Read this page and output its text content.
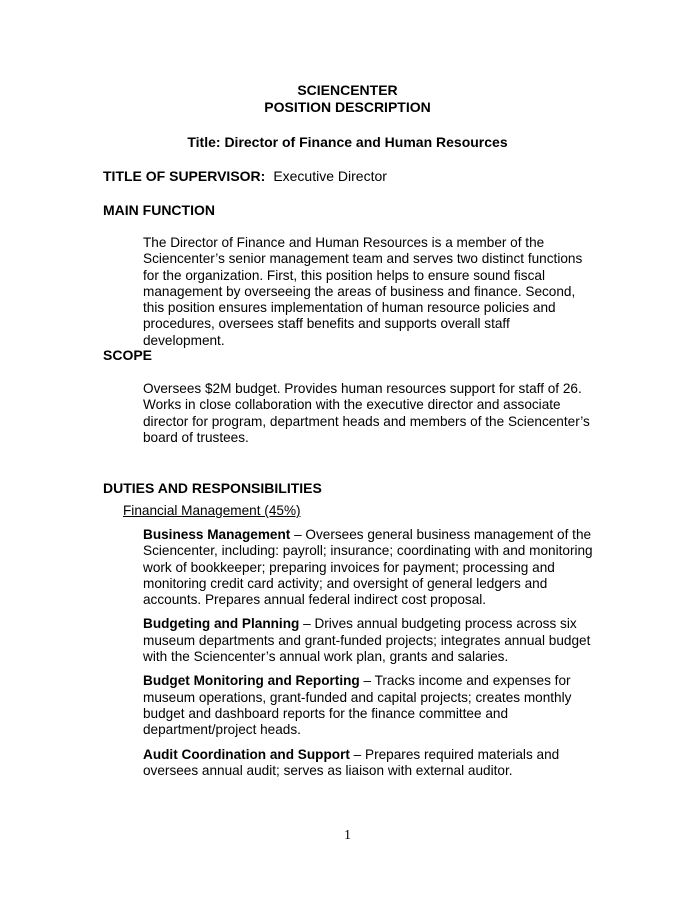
SCIENCENTER
POSITION DESCRIPTION
Title: Director of Finance and Human Resources
TITLE OF SUPERVISOR: Executive Director
MAIN FUNCTION

The Director of Finance and Human Resources is a member of the Sciencenter’s senior management team and serves two distinct functions for the organization. First, this position helps to ensure sound fiscal management by overseeing the areas of business and finance. Second, this position ensures implementation of human resource policies and procedures, oversees staff benefits and supports overall staff development.

SCOPE

Oversees $2M budget. Provides human resources support for staff of 26. Works in close collaboration with the executive director and associate director for program, department heads and members of the Sciencenter’s board of trustees.

DUTIES AND RESPONSIBILITIES
Financial Management (45%)

Business Management – Oversees general business management of the Sciencenter, including: payroll; insurance; coordinating with and monitoring work of bookkeeper; preparing invoices for payment; processing and monitoring credit card activity; and oversight of general ledgers and accounts. Prepares annual federal indirect cost proposal.

Budgeting and Planning – Drives annual budgeting process across six museum departments and grant-funded projects; integrates annual budget with the Sciencenter’s annual work plan, grants and salaries.

Budget Monitoring and Reporting – Tracks income and expenses for museum operations, grant-funded and capital projects; creates monthly budget and dashboard reports for the finance committee and department/project heads.

Audit Coordination and Support – Prepares required materials and oversees annual audit; serves as liaison with external auditor.

1
